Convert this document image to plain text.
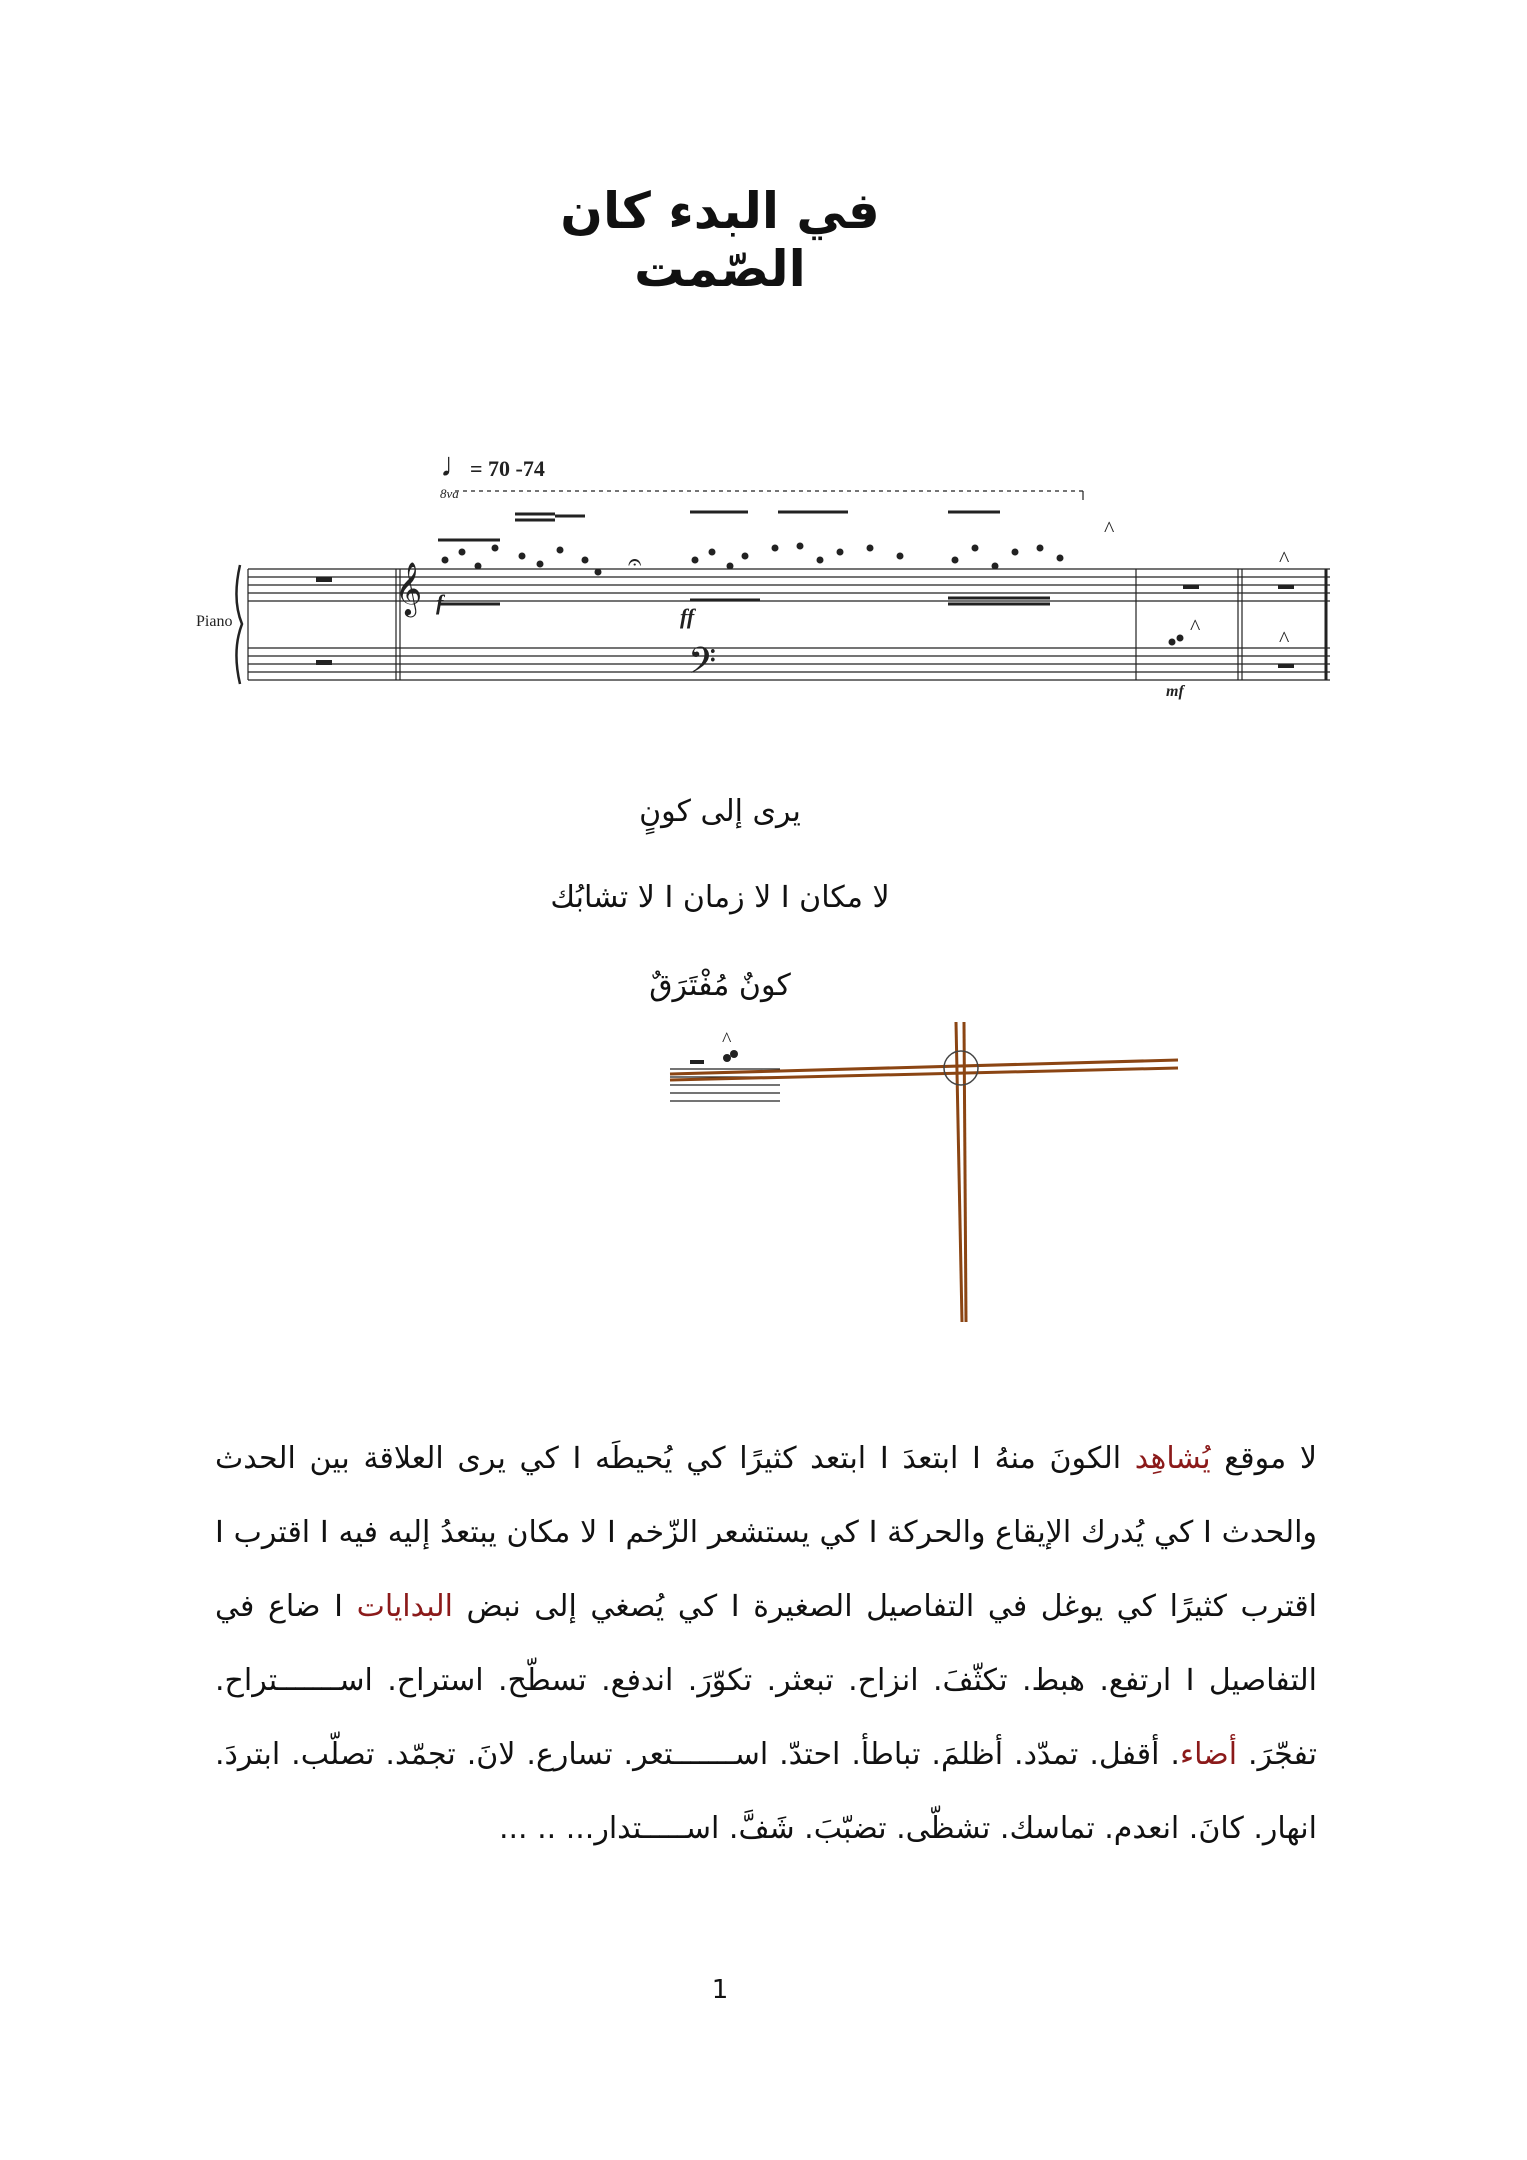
في البدء كان الصّمت
♩
= 70 -74
8va
𝄞
𝄢
Piano
f
ff
mf
𝄐
^
^
^
^
^
يرى إلى كونٍ
لا مكان I لا زمان I لا تشابُك
كونٌ مُفْتَرَقٌ
لا موقع يُشاهِد الكونَ منهُ I ابتعدَ I ابتعد كثيرًا كي يُحيطَه I كي يرى العلاقة بين الحدث والحدث I كي يُدرك الإيقاع والحركة I كي يستشعر الزّخم I لا مكان يبتعدُ إليه فيه I اقترب I اقترب كثيرًا كي يوغل في التفاصيل الصغيرة I كي يُصغي إلى نبض البدايات I ضاع في التفاصيل I ارتفع. هبط. تكثّفَ. انزاح. تبعثر. تكوّرَ. اندفع. تسطّح. استراح. اســـــــتراح. تفجّرَ. أضاء. أقفل. تمدّد. أظلمَ. تباطأ. احتدّ. اســـــــتعر. تسارع. لانَ. تجمّد. تصلّب. ابتردَ. انهار. كانَ. انعدم. تماسك. تشظّى. تضبّبَ. شَفَّ. اســـــتدار... .. ...
1
